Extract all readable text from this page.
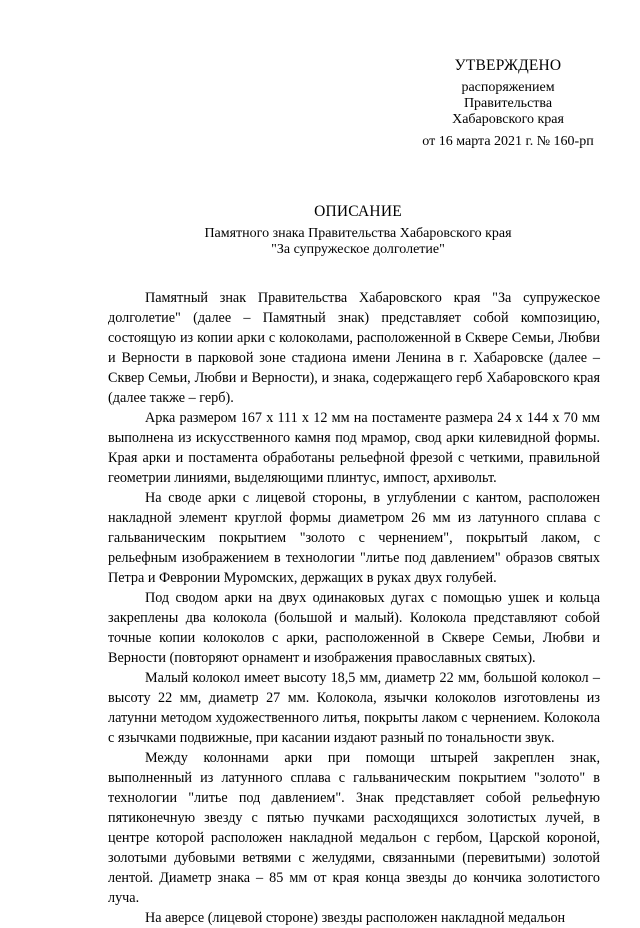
УТВЕРЖДЕНО
распоряжением
Правительства
Хабаровского края
от 16 марта 2021 г. № 160-рп
ОПИСАНИЕ
Памятного знака Правительства Хабаровского края
"За супружеское долголетие"

Памятный знак Правительства Хабаровского края "За супружеское долголетие" (далее – Памятный знак) представляет собой композицию, состоящую из копии арки с колоколами, расположенной в Сквере Семьи, Любви и Верности в парковой зоне стадиона имени Ленина в г. Хабаровске (далее – Сквер Семьи, Любви и Верности), и знака, содержащего герб Хабаровского края (далее также – герб).

Арка размером 167 х 111 х 12 мм на постаменте размера 24 х 144 х 70 мм выполнена из искусственного камня под мрамор, свод арки килевидной формы. Края арки и постамента обработаны рельефной фрезой с четкими, правильной геометрии линиями, выделяющими плинтус, импост, архивольт.

На своде арки с лицевой стороны, в углублении с кантом, расположен накладной элемент круглой формы диаметром 26 мм из латунного сплава с гальваническим покрытием "золото с чернением", покрытый лаком, с рельефным изображением в технологии "литье под давлением" образов святых Петра и Февронии Муромских, держащих в руках двух голубей.

Под сводом арки на двух одинаковых дугах с помощью ушек и кольца закреплены два колокола (большой и малый). Колокола представляют собой точные копии колоколов с арки, расположенной в Сквере Семьи, Любви и Верности (повторяют орнамент и изображения православных святых).

Малый колокол имеет высоту 18,5 мм, диаметр 22 мм, большой колокол – высоту 22 мм, диаметр 27 мм. Колокола, язычки колоколов изготовлены из латунни методом художественного литья, покрыты лаком с чернением. Колокола с язычками подвижные, при касании издают разный по тональности звук.

Между колоннами арки при помощи штырей закреплен знак, выполненный из латунного сплава с гальваническим покрытием "золото" в технологии "литье под давлением". Знак представляет собой рельефную пятиконечную звезду с пятью пучками расходящихся золотистых лучей, в центре которой расположен накладной медальон с гербом, Царской короной, золотыми дубовыми ветвями с желудями, связанными (перевитыми) золотой лентой. Диаметр знака – 85 мм от края конца звезды до кончика золотистого луча.

На аверсе (лицевой стороне) звезды расположен накладной медальон
